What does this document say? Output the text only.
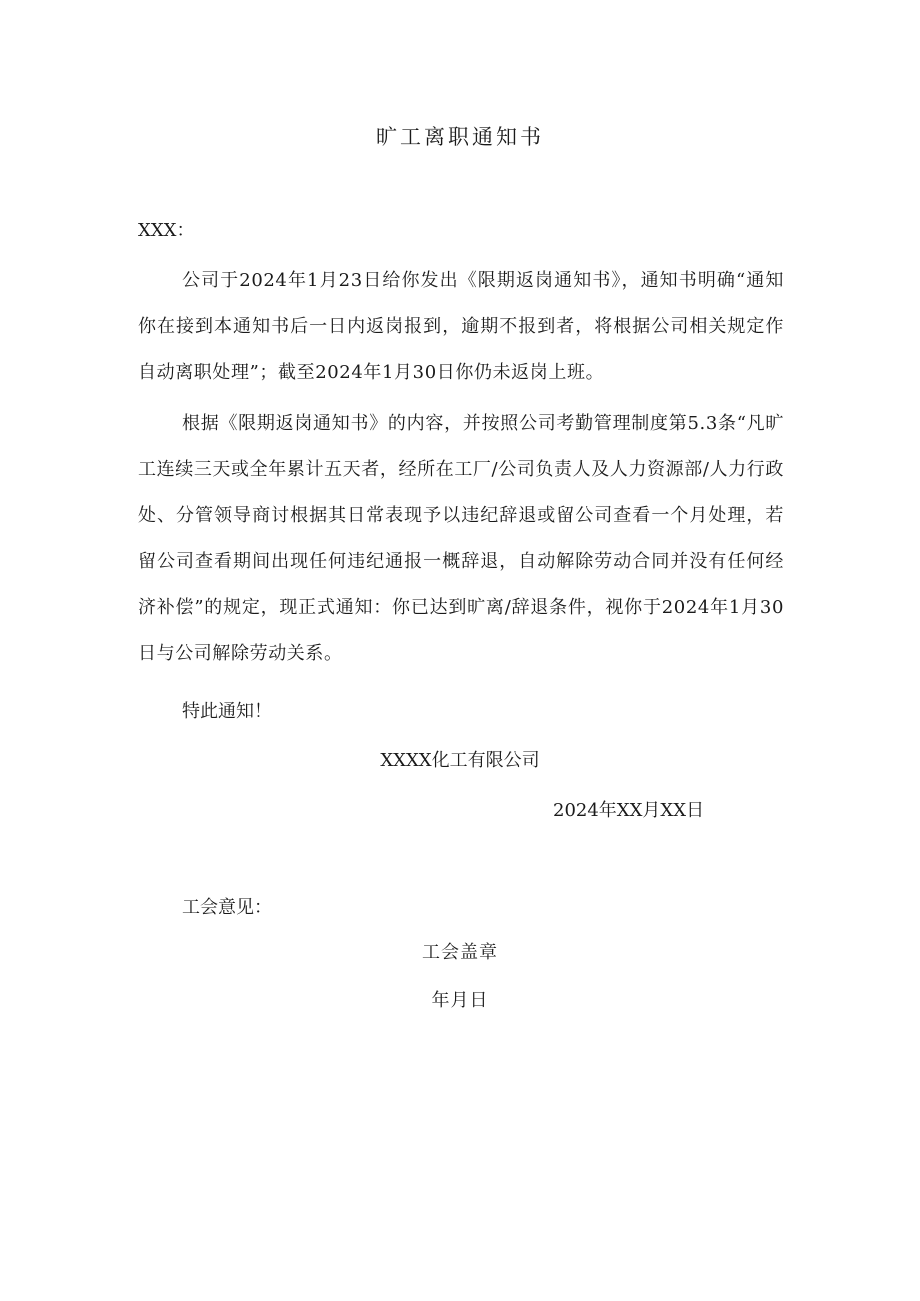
旷工离职通知书
XXX：

公司于2024年1月23日给你发出《限期返岗通知书》，通知书明确“通知你在接到本通知书后一日内返岗报到，逾期不报到者，将根据公司相关规定作自动离职处理”；截至2024年1月30日你仍未返岗上班。

根据《限期返岗通知书》的内容，并按照公司考勤管理制度第5.3条“凡旷工连续三天或全年累计五天者，经所在工厂/公司负责人及人力资源部/人力行政处、分管领导商讨根据其日常表现予以违纪辞退或留公司查看一个月处理，若留公司查看期间出现任何违纪通报一概辞退，自动解除劳动合同并没有任何经济补偿”的规定，现正式通知：你已达到旷离/辞退条件，视你于2024年1月30日与公司解除劳动关系。

特此通知！
XXXX化工有限公司
2024年XX月XX日
工会意见：
工会盖章
年月日
